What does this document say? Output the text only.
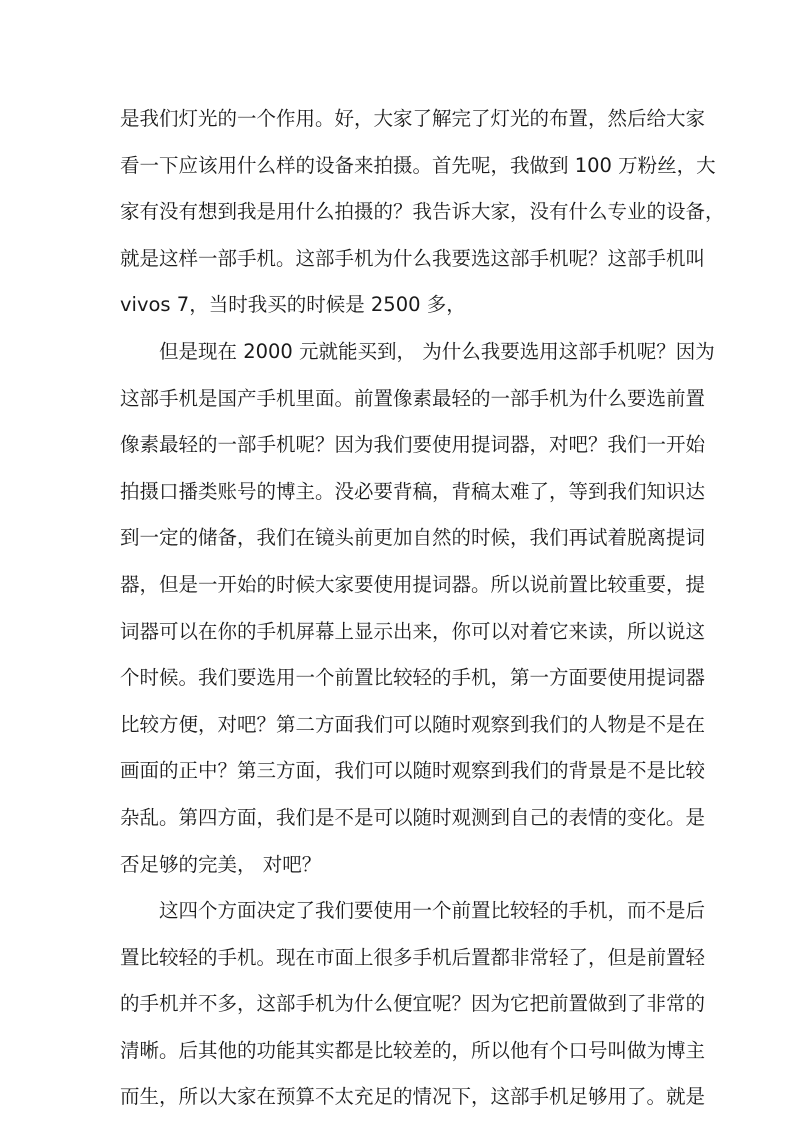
是我们灯光的一个作用。好，大家了解完了灯光的布置，然后给大家
看一下应该用什么样的设备来拍摄。首先呢，我做到 100 万粉丝，大
家有没有想到我是用什么拍摄的？我告诉大家，没有什么专业的设备，
就是这样一部手机。这部手机为什么我要选这部手机呢？这部手机叫
vivos 7，当时我买的时候是 2500 多，
但是现在 2000 元就能买到， 为什么我要选用这部手机呢？因为
这部手机是国产手机里面。前置像素最轻的一部手机为什么要选前置
像素最轻的一部手机呢？因为我们要使用提词器，对吧？我们一开始
拍摄口播类账号的博主。没必要背稿，背稿太难了，等到我们知识达
到一定的储备，我们在镜头前更加自然的时候，我们再试着脱离提词
器，但是一开始的时候大家要使用提词器。所以说前置比较重要，提
词器可以在你的手机屏幕上显示出来，你可以对着它来读，所以说这
个时候。我们要选用一个前置比较轻的手机，第一方面要使用提词器
比较方便，对吧？第二方面我们可以随时观察到我们的人物是不是在
画面的正中？第三方面，我们可以随时观察到我们的背景是不是比较
杂乱。第四方面，我们是不是可以随时观测到自己的表情的变化。是
否足够的完美， 对吧？
这四个方面决定了我们要使用一个前置比较轻的手机，而不是后
置比较轻的手机。现在市面上很多手机后置都非常轻了，但是前置轻
的手机并不多，这部手机为什么便宜呢？因为它把前置做到了非常的
清晰。后其他的功能其实都是比较差的，所以他有个口号叫做为博主
而生，所以大家在预算不太充足的情况下，这部手机足够用了。就是
